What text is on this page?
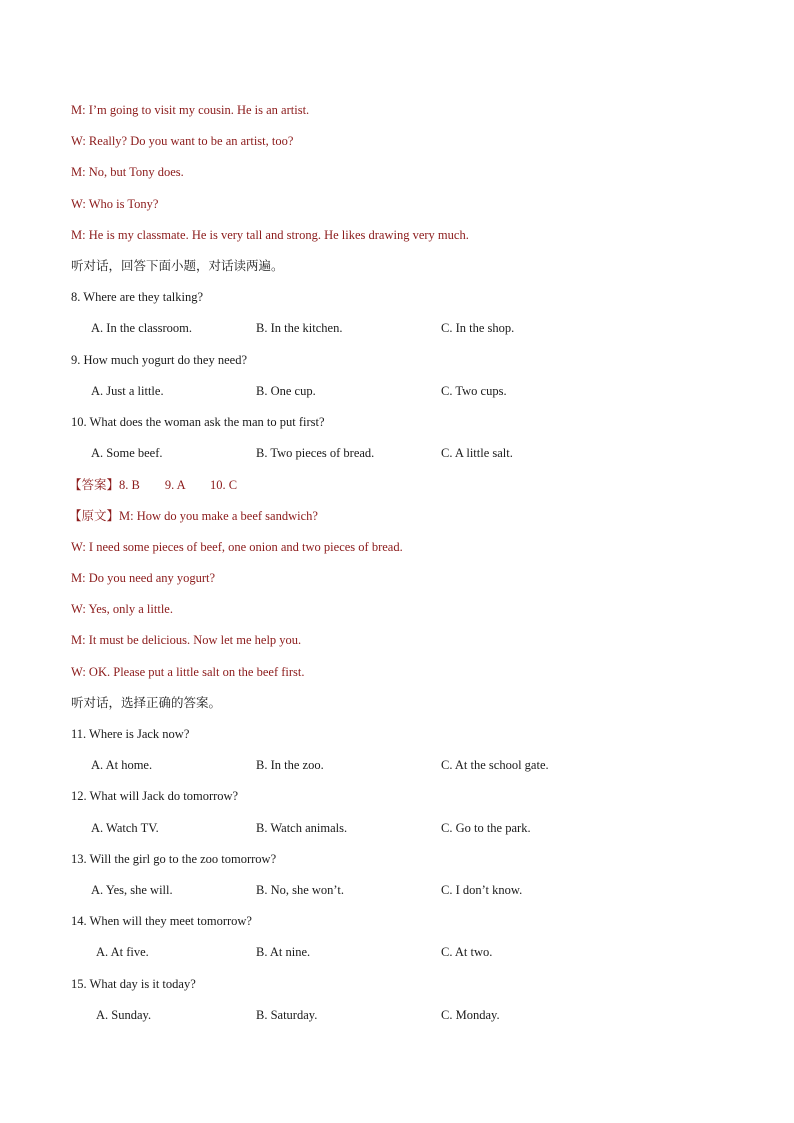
M: I’m going to visit my cousin. He is an artist.
W: Really? Do you want to be an artist, too?
M: No, but Tony does.
W: Who is Tony?
M: He is my classmate. He is very tall and strong. He likes drawing very much.
听对话，回答下面小题，对话读两遍。
8. Where are they talking?
A. In the classroom.	B. In the kitchen.	C. In the shop.
9. How much yogurt do they need?
A. Just a little.	B. One cup.	C. Two cups.
10. What does the woman ask the man to put first?
A. Some beef.	B. Two pieces of bread.	C. A little salt.
【答案】8. B        9. A        10. C
【原文】M: How do you make a beef sandwich?
W: I need some pieces of beef, one onion and two pieces of bread.
M: Do you need any yogurt?
W: Yes, only a little.
M: It must be delicious. Now let me help you.
W: OK. Please put a little salt on the beef first.
听对话，选择正确的答案。
11. Where is Jack now?
A. At home.	B. In the zoo.	C. At the school gate.
12. What will Jack do tomorrow?
A. Watch TV.	B. Watch animals.	C. Go to the park.
13. Will the girl go to the zoo tomorrow?
A. Yes, she will.	B. No, she won’t.	C. I don’t know.
14. When will they meet tomorrow?
A. At five.	B. At nine.	C. At two.
15. What day is it today?
A. Sunday.	B. Saturday.	C. Monday.
